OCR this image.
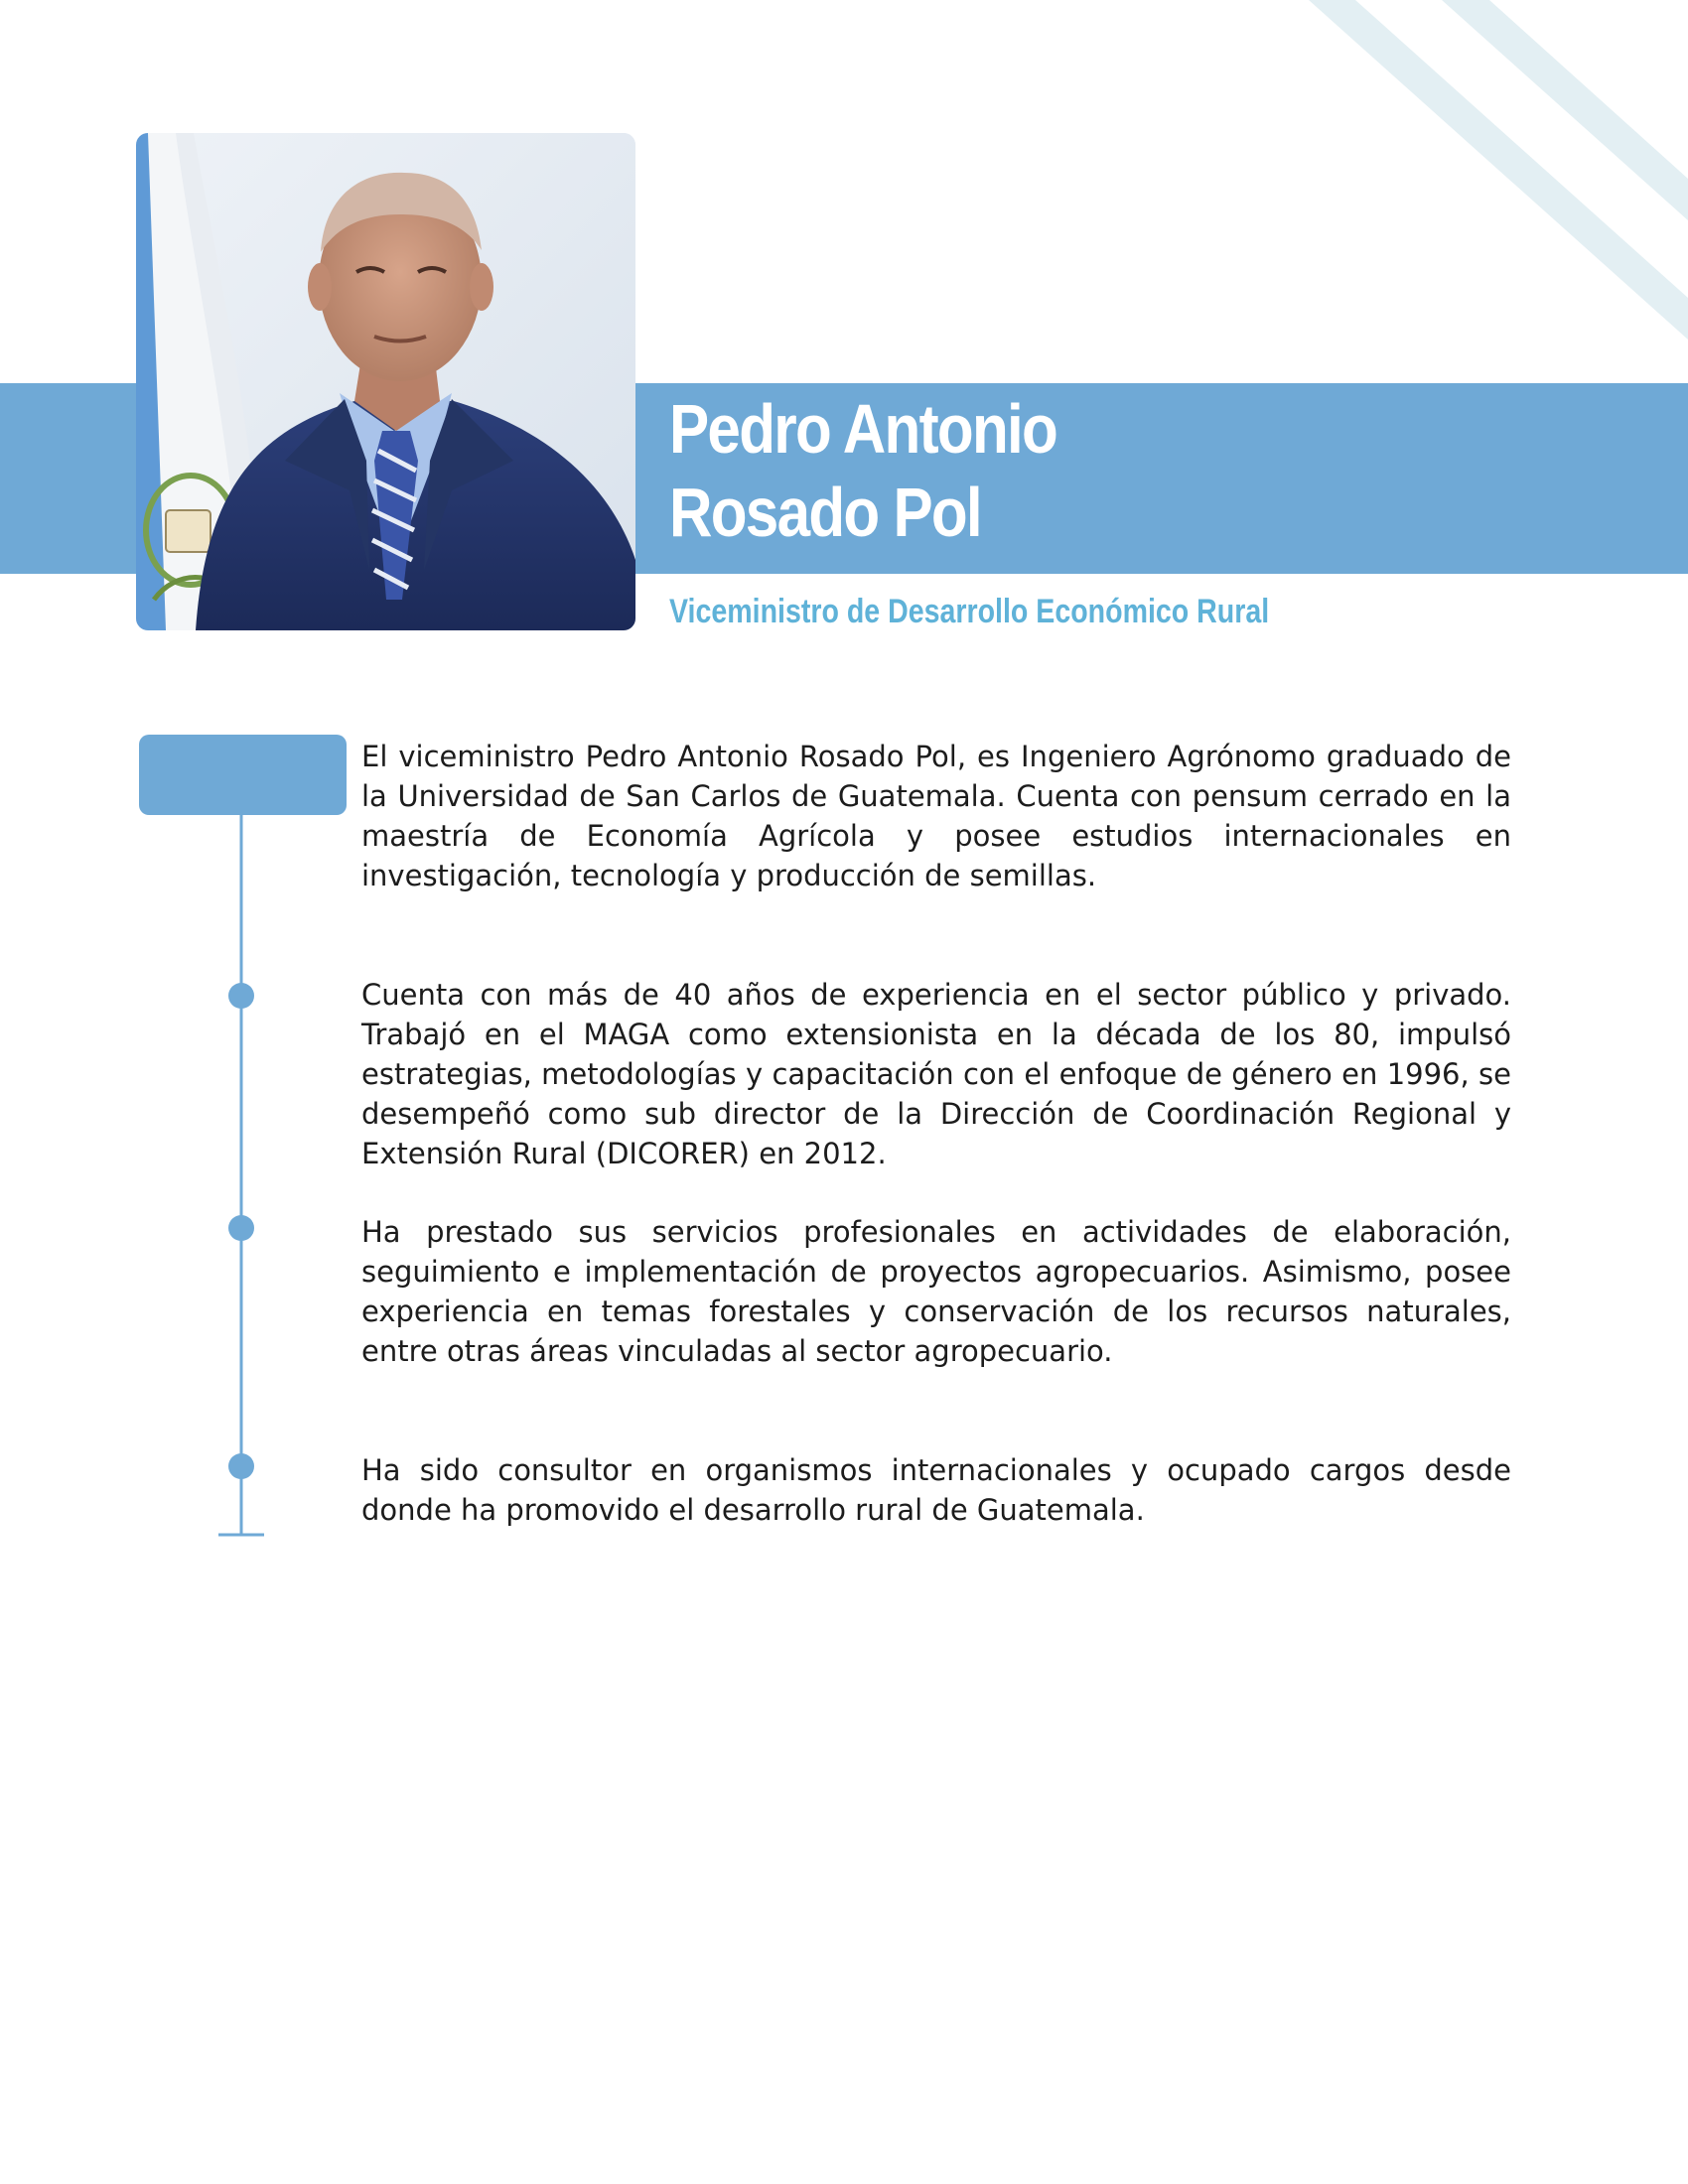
Pedro Antonio
Rosado Pol
Viceministro de Desarrollo Económico Rural

El viceministro Pedro Antonio Rosado Pol, es Ingeniero Agrónomo graduado de la Universidad de San Carlos de Guatemala. Cuenta con pensum cerrado en la maestría de Economía Agrícola y posee estudios internacionales en investigación, tecnología y producción de semillas.

Cuenta con más de 40 años de experiencia en el sector público y privado. Trabajó en el MAGA como extensionista en la década de los 80, impulsó estrategias, metodologías y capacitación con el enfoque de género en 1996, se desempeñó como sub director de la Dirección de Coordinación Regional y Extensión Rural (DICORER) en 2012.

Ha prestado sus servicios profesionales en actividades de elaboración, seguimiento e implementación de proyectos agropecuarios. Asimismo, posee experiencia en temas forestales y conservación de los recursos naturales, entre otras áreas vinculadas al sector agropecuario.

Ha sido consultor en organismos internacionales y ocupado cargos desde donde ha promovido el desarrollo rural de Guatemala.
